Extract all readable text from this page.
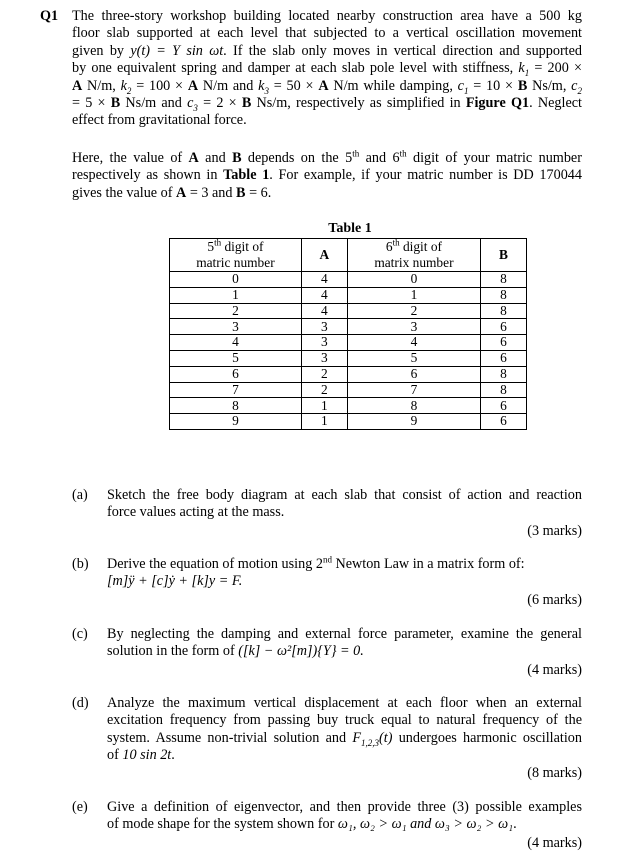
Q1 The three-story workshop building located nearby construction area have a 500 kg
floor slab supported at each level that subjected to a vertical oscillation movement
given by y(t) = Y sin ωt. If the slab only moves in vertical direction and supported
by one equivalent spring and damper at each slab pole level with stiffness, $k_1 = 200$ ×
A N/m, $k_2 = 100 \times A$ N/m and $k_3 = 50 \times A$ N/m while damping, $c_1 = 10 \times B$ Ns/m, $c_2$
= 5 × B Ns/m and $c_3 = 2 \times B$ Ns/m, respectively as simplified in Figure Q1. Neglect
effect from gravitational force.
Here, the value of A and B depends on the 5th and 6th digit of your matric number
respectively as shown in Table 1. For example, if your matric number is DD 170044
gives the value of A = 3 and B = 6.
Table 1
5th digit of
matric number	A	6th digit of
matrix number	B
0	4	0	8
1	4	1	8
2	4	2	8
3	3	3	6
4	3	4	6
5	3	5	6
6	2	6	8
7	2	7	8
8	1	8	6
9	1	9	6
(a) Sketch the free body diagram at each slab that consist of action and reaction
force values acting at the mass.
(3 marks)
(b) Derive the equation of motion using 2nd Newton Law in a matrix form of:
[m]ÿ + [c]ẏ + [k]y = F.
(6 marks)
(c) By neglecting the damping and external force parameter, examine the general
solution in the form of ([k] − ω²[m]){Y} = 0.
(4 marks)
(d) Analyze the maximum vertical displacement at each floor when an external
excitation frequency from passing buy truck equal to natural frequency of the
system. Assume non-trivial solution and $F_{1,2,3}(t)$ undergoes harmonic oscillation
of 10 sin 2t.
(8 marks)
(e) Give a definition of eigenvector, and then provide three (3) possible examples
of mode shape for the system shown for ω₁, ω₂ > ω₁ and ω₃ > ω₂ > ω₁.
(4 marks)
